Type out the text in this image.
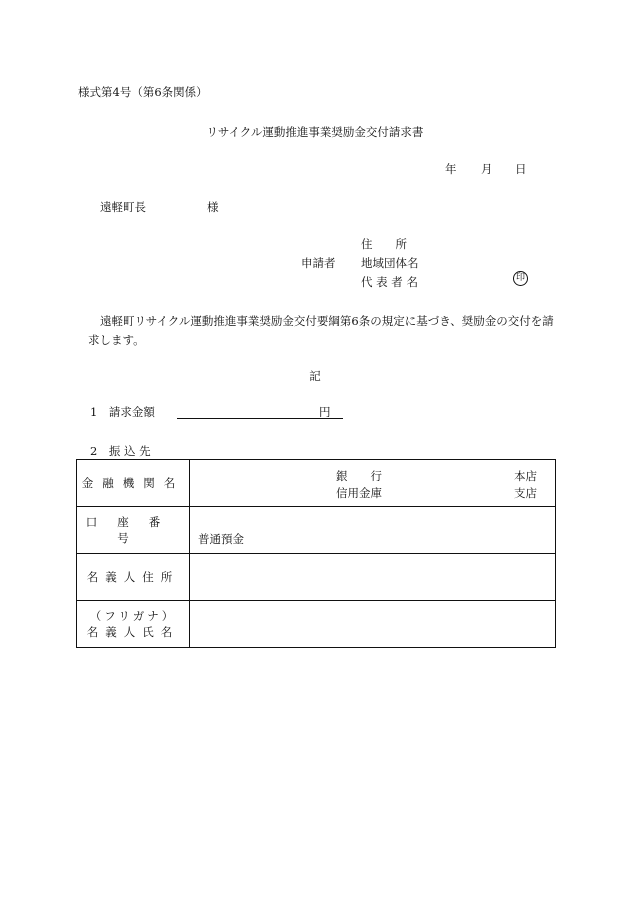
様式第4号（第6条関係）
リサイクル運動推進事業奨励金交付請求書
年 月 日
遠軽町長	様
住　　所
申請者 地域団体名
代 表 者 名	印
遠軽町リサイクル運動推進事業奨励金交付要綱第6条の規定に基づき、奨励金の交付を請求します。
記
1　請求金額	円
2　振 込 先
金融機関名	銀　　行
信用金庫
本店
支店

口座番号	普通預金

名義人住所	

（フリガナ）
名義人氏名	
